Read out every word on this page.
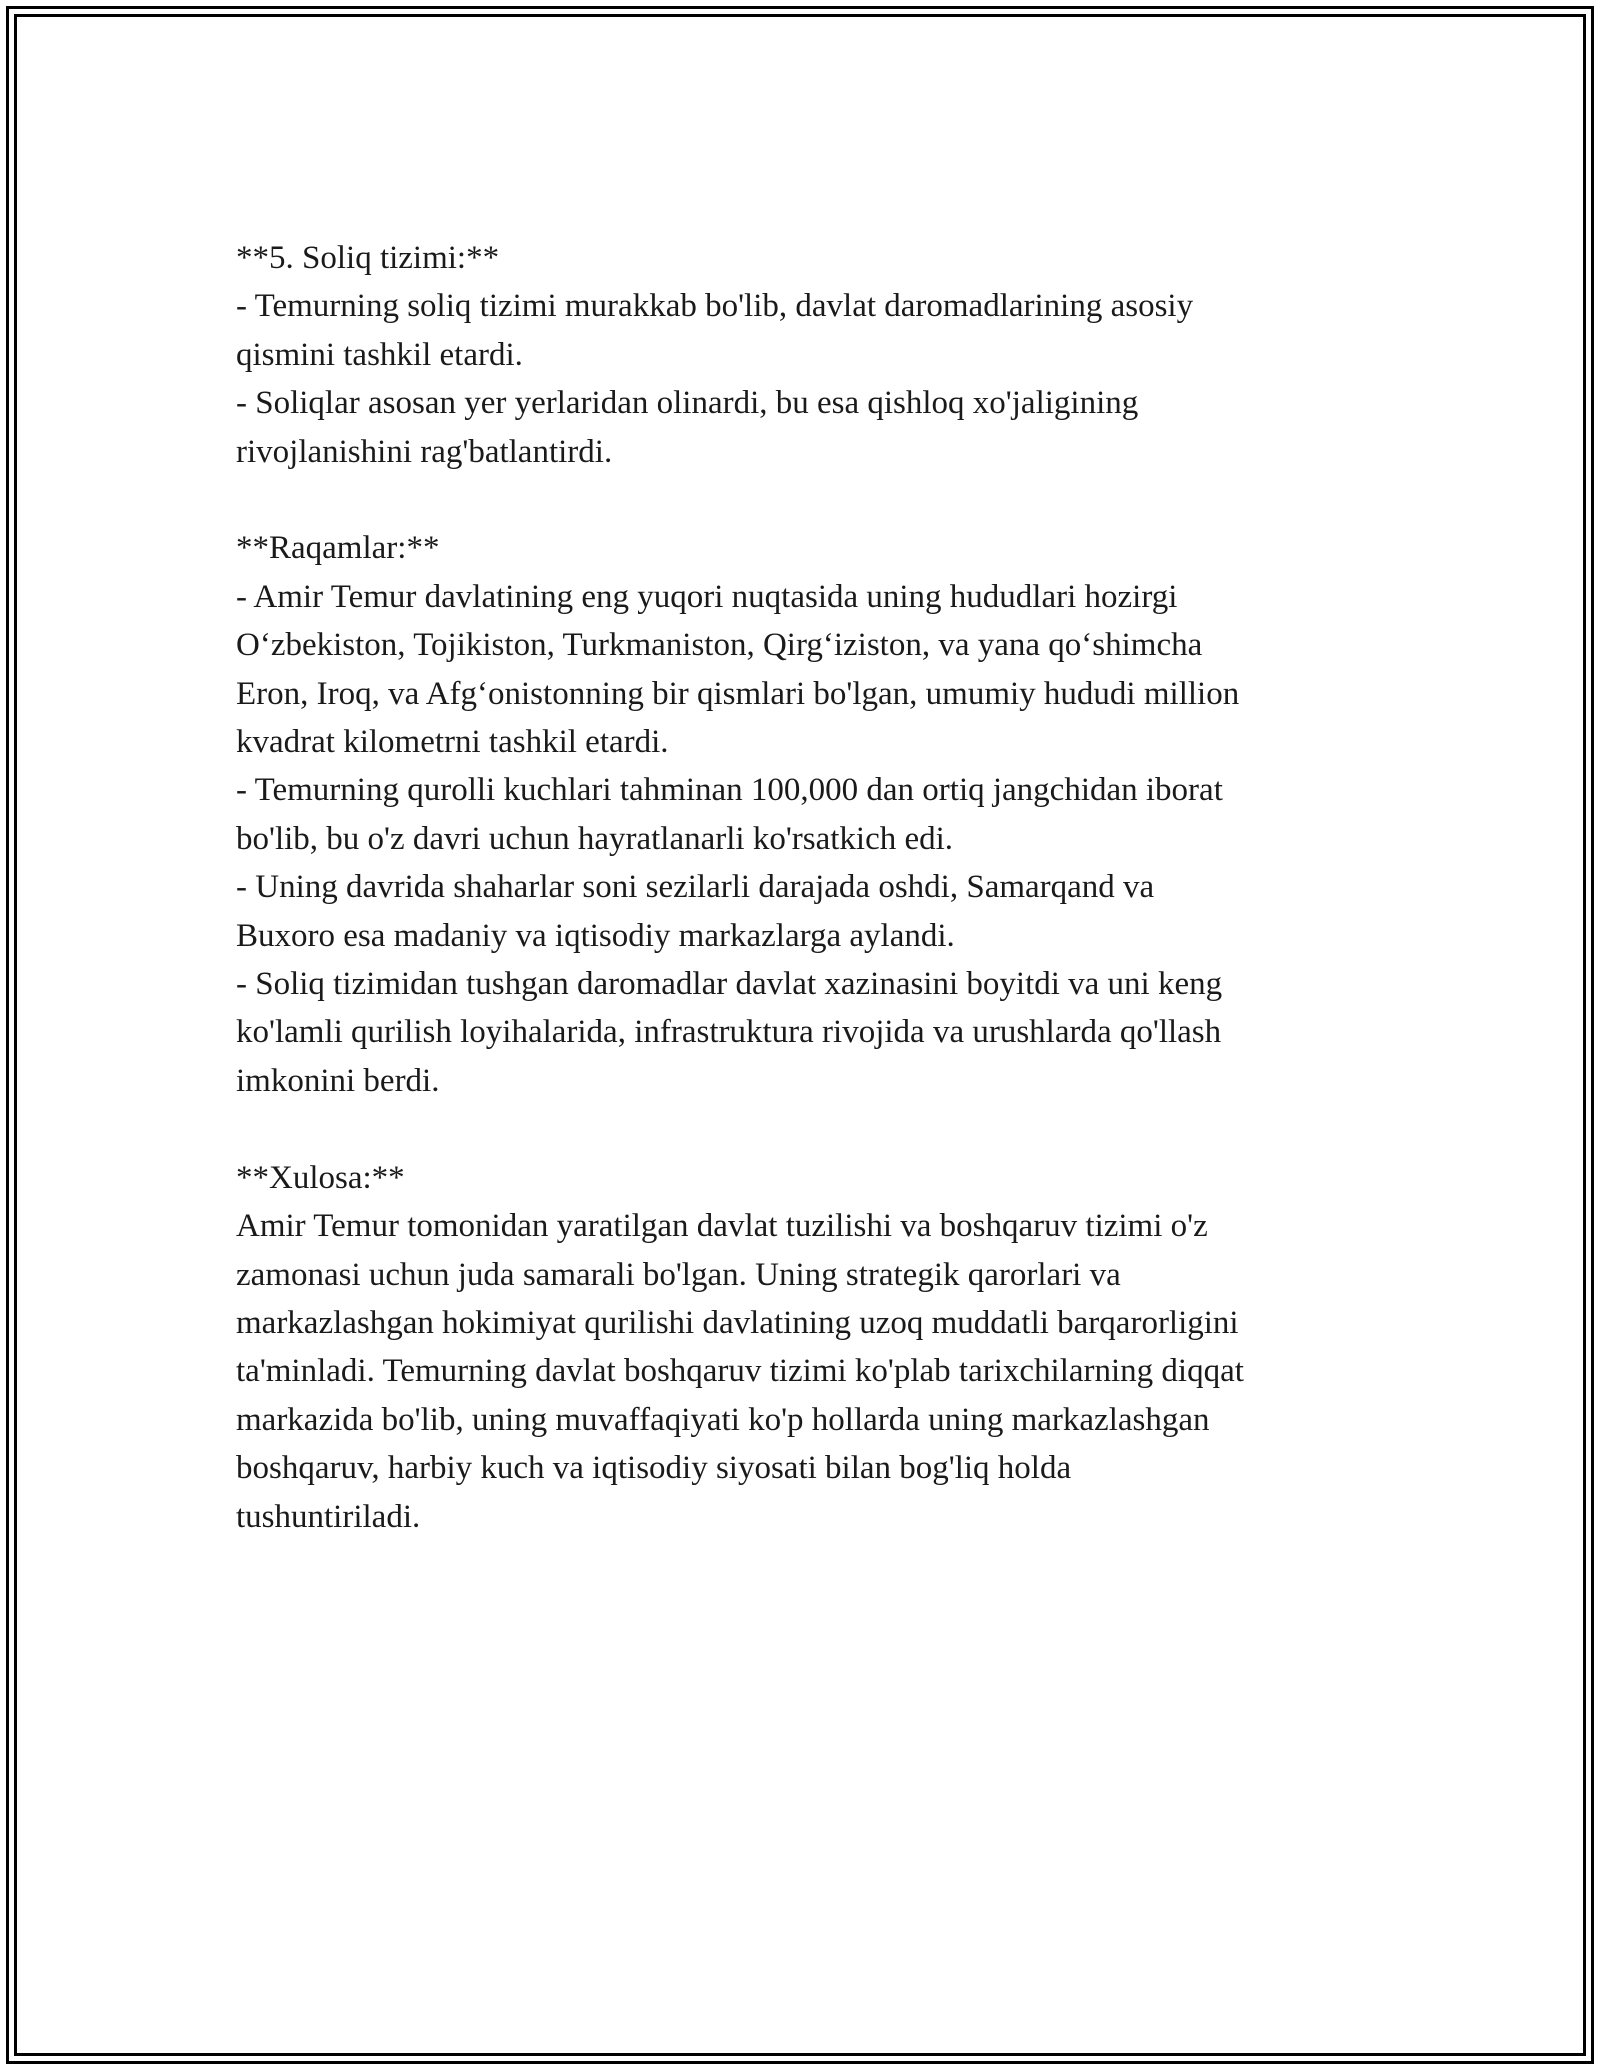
**5. Soliq tizimi:**

- Temurning soliq tizimi murakkab bo'lib, davlat daromadlarining asosiy
qismini tashkil etardi.

- Soliqlar asosan yer yerlaridan olinardi, bu esa qishloq xo'jaligining
rivojlanishini rag'batlantirdi.

**Raqamlar:**

- Amir Temur davlatining eng yuqori nuqtasida uning hududlari hozirgi
O‘zbekiston, Tojikiston, Turkmaniston, Qirg‘iziston, va yana qo‘shimcha
Eron, Iroq, va Afg‘onistonning bir qismlari bo'lgan, umumiy hududi million
kvadrat kilometrni tashkil etardi.

- Temurning qurolli kuchlari tahminan 100,000 dan ortiq jangchidan iborat
bo'lib, bu o'z davri uchun hayratlanarli ko'rsatkich edi.

- Uning davrida shaharlar soni sezilarli darajada oshdi, Samarqand va
Buxoro esa madaniy va iqtisodiy markazlarga aylandi.

- Soliq tizimidan tushgan daromadlar davlat xazinasini boyitdi va uni keng
ko'lamli qurilish loyihalarida, infrastruktura rivojida va urushlarda qo'llash
imkonini berdi.

**Xulosa:**

Amir Temur tomonidan yaratilgan davlat tuzilishi va boshqaruv tizimi o'z
zamonasi uchun juda samarali bo'lgan. Uning strategik qarorlari va
markazlashgan hokimiyat qurilishi davlatining uzoq muddatli barqarorligini
ta'minladi. Temurning davlat boshqaruv tizimi ko'plab tarixchilarning diqqat
markazida bo'lib, uning muvaffaqiyati ko'p hollarda uning markazlashgan
boshqaruv, harbiy kuch va iqtisodiy siyosati bilan bog'liq holda
tushuntiriladi.
